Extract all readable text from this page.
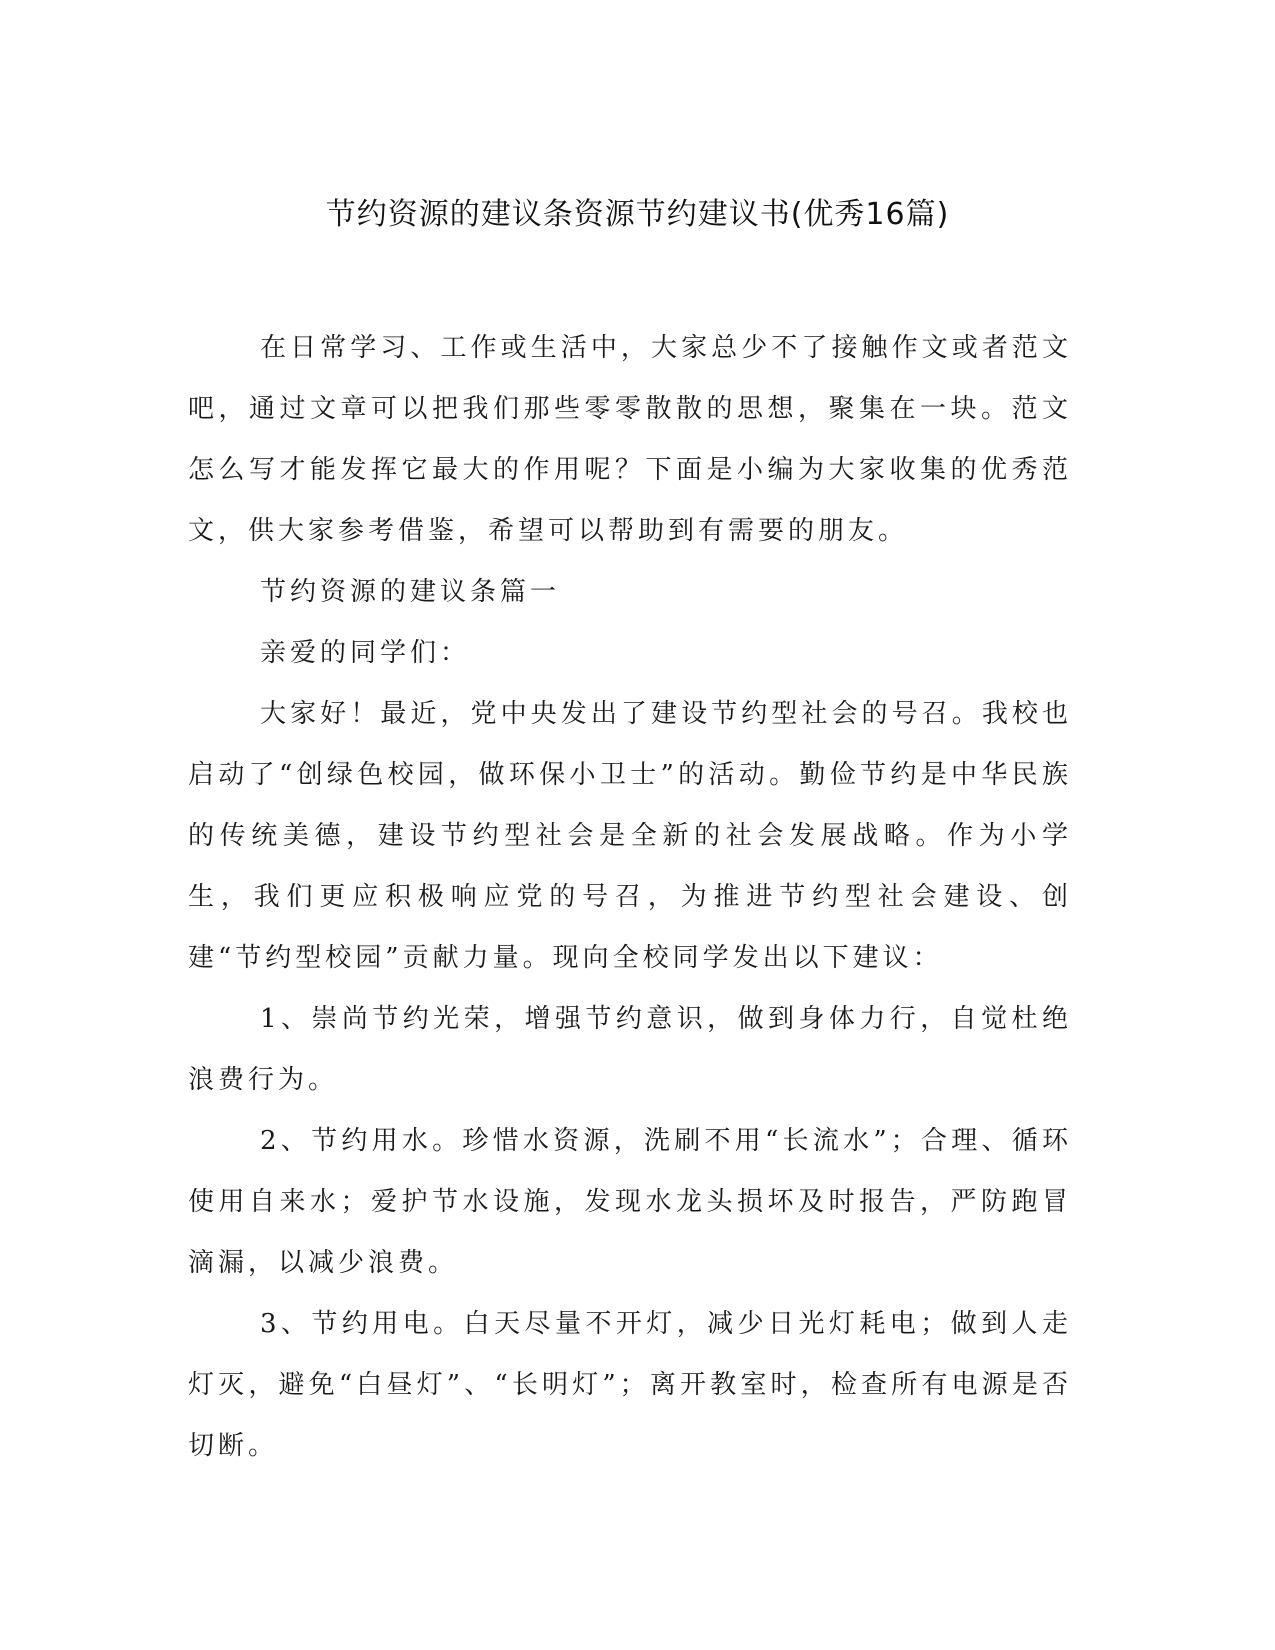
节约资源的建议条资源节约建议书(优秀16篇)

在日常学习、工作或生活中，大家总少不了接触作文或者范文吧，通过文章可以把我们那些零零散散的思想，聚集在一块。范文怎么写才能发挥它最大的作用呢？下面是小编为大家收集的优秀范文，供大家参考借鉴，希望可以帮助到有需要的朋友。

节约资源的建议条篇一

亲爱的同学们：

大家好！最近，党中央发出了建设节约型社会的号召。我校也启动了“创绿色校园，做环保小卫士”的活动。勤俭节约是中华民族的传统美德，建设节约型社会是全新的社会发展战略。作为小学生，我们更应积极响应党的号召，为推进节约型社会建设、创建“节约型校园”贡献力量。现向全校同学发出以下建议：

1、崇尚节约光荣，增强节约意识，做到身体力行，自觉杜绝浪费行为。

2、节约用水。珍惜水资源，洗刷不用“长流水”；合理、循环使用自来水；爱护节水设施，发现水龙头损坏及时报告，严防跑冒滴漏，以减少浪费。

3、节约用电。白天尽量不开灯，减少日光灯耗电；做到人走灯灭，避免“白昼灯”、“长明灯”；离开教室时，检查所有电源是否切断。
